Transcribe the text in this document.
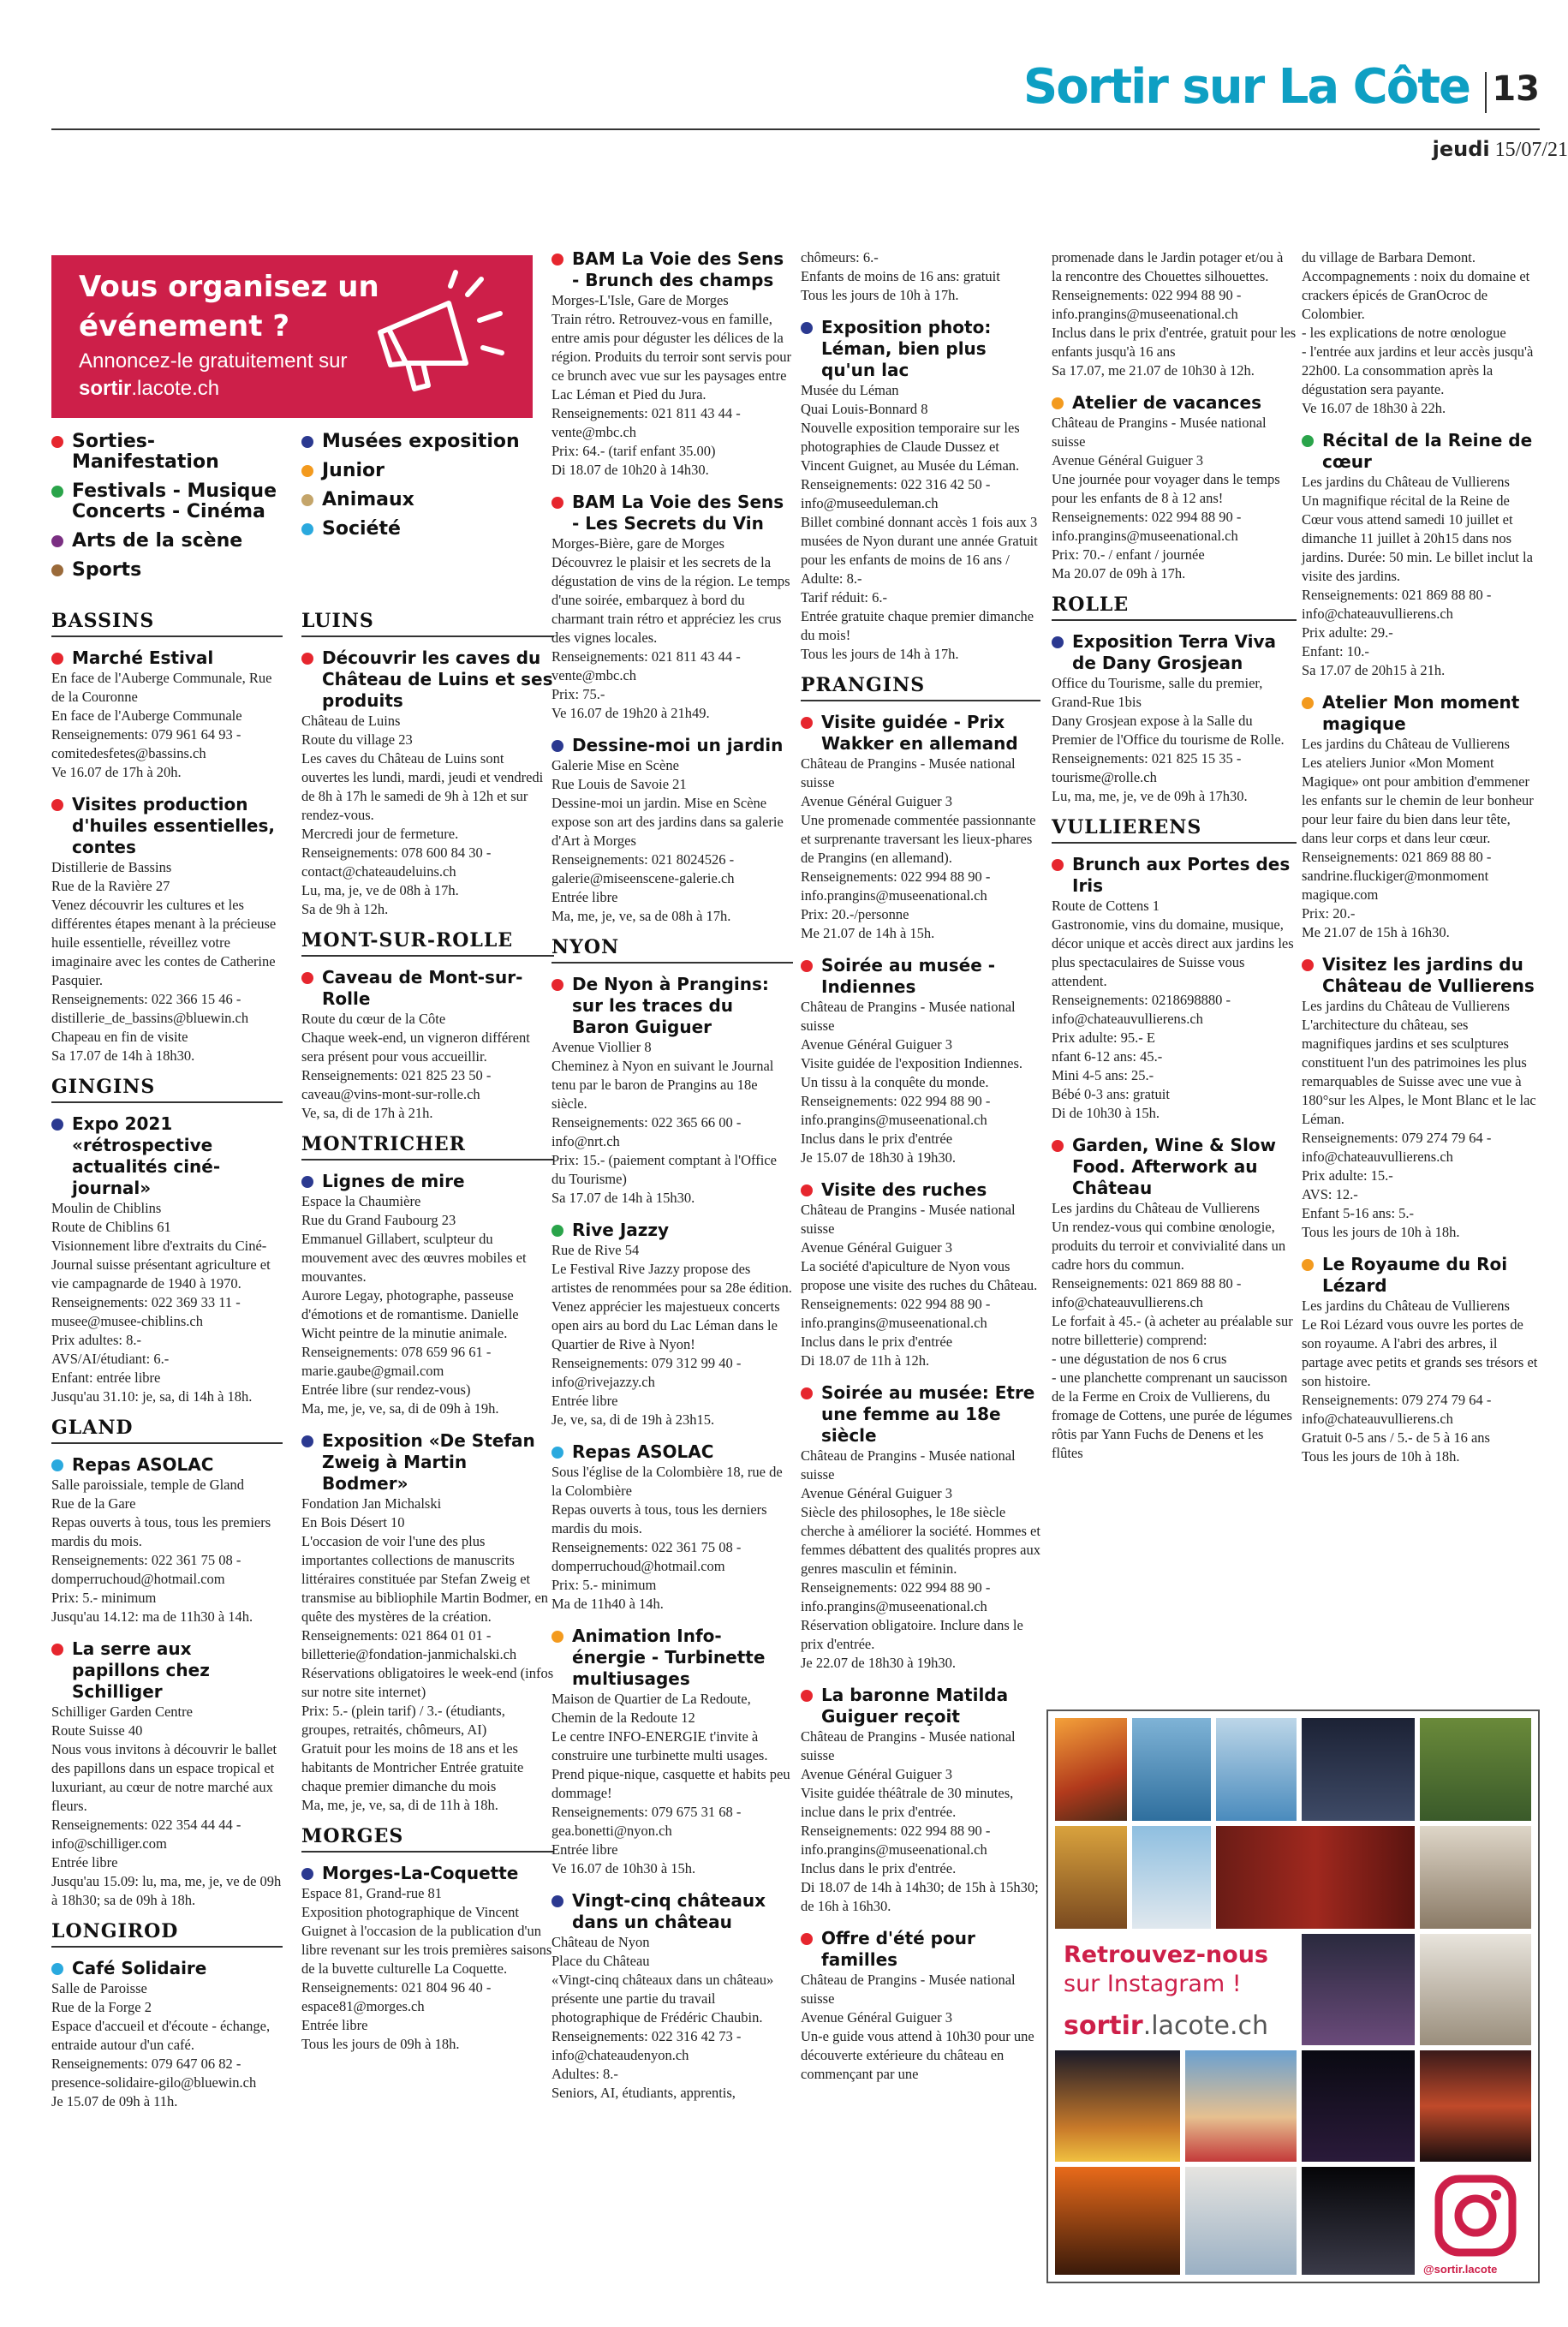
Sortir sur La Côte 13
jeudi 15/07/21
Vous organisez un événement ?
Annoncez-le gratuitement sur sortir.lacote.ch
Sorties-Manifestation
Festivals - Musique Concerts - Cinéma
Arts de la scène
Sports
Musées exposition
Junior
Animaux
Société
BASSINS
Marché Estival
En face de l'Auberge Communale, Rue de la Couronne
En face de l'Auberge Communale
Renseignements: 079 961 64 93 - comitedesfetes@bassins.ch
Ve 16.07 de 17h à 20h.
Visites production d'huiles essentielles, contes
Distillerie de Bassins
Rue de la Ravière 27
Venez découvrir les cultures et les différentes étapes menant à la précieuse huile essentielle, réveillez votre imaginaire avec les contes de Catherine Pasquier.
Renseignements: 022 366 15 46 - distillerie_de_bassins@bluewin.ch
Chapeau en fin de visite
Sa 17.07 de 14h à 18h30.
GINGINS
Expo 2021 «rétrospective actualités ciné-journal»
Moulin de Chiblins
Route de Chiblins 61
Visionnement libre d'extraits du Ciné-Journal suisse présentant agriculture et vie campagnarde de 1940 à 1970.
Renseignements: 022 369 33 11 - musee@musee-chiblins.ch
Prix adultes: 8.-
AVS/AI/étudiant: 6.-
Enfant: entrée libre
Jusqu'au 31.10: je, sa, di 14h à 18h.
GLAND
Repas ASOLAC
Salle paroissiale, temple de Gland
Rue de la Gare
Repas ouverts à tous, tous les premiers mardis du mois.
Renseignements: 022 361 75 08 - domperruchoud@hotmail.com
Prix: 5.- minimum
Jusqu'au 14.12: ma de 11h30 à 14h.
La serre aux papillons chez Schilliger
Schilliger Garden Centre
Route Suisse 40
Nous vous invitons à découvrir le ballet des papillons dans un espace tropical et luxuriant, au cœur de notre marché aux fleurs.
Renseignements: 022 354 44 44 - info@schilliger.com
Entrée libre
Jusqu'au 15.09: lu, ma, me, je, ve de 09h à 18h30; sa de 09h à 18h.
LONGIROD
Café Solidaire
Salle de Paroisse
Rue de la Forge 2
Espace d'accueil et d'écoute - échange, entraide autour d'un café.
Renseignements: 079 647 06 82 - presence-solidaire-gilo@bluewin.ch
Je 15.07 de 09h à 11h.
LUINS
Découvrir les caves du Château de Luins et ses produits
Château de Luins
Route du village 23
Les caves du Château de Luins sont ouvertes les lundi, mardi, jeudi et vendredi de 8h à 17h le samedi de 9h à 12h et sur rendez-vous.
Mercredi jour de fermeture.
Renseignements: 078 600 84 30 - contact@chateaudeluins.ch
Lu, ma, je, ve de 08h à 17h.
Sa de 9h à 12h.
MONT-SUR-ROLLE
Caveau de Mont-sur-Rolle
Route du cœur de la Côte
Chaque week-end, un vigneron différent sera présent pour vous accueillir.
Renseignements: 021 825 23 50 - caveau@vins-mont-sur-rolle.ch
Ve, sa, di de 17h à 21h.
MONTRICHER
Lignes de mire
Espace la Chaumière
Rue du Grand Faubourg 23
Emmanuel Gillabert, sculpteur du mouvement avec des œuvres mobiles et mouvantes.
Aurore Legay, photographe, passeuse d'émotions et de romantisme. Danielle Wicht peintre de la minutie animale.
Renseignements: 078 659 96 61 - marie.gaube@gmail.com
Entrée libre (sur rendez-vous)
Ma, me, je, ve, sa, di de 09h à 19h.
Exposition «De Stefan Zweig à Martin Bodmer»
Fondation Jan Michalski
En Bois Désert 10
L'occasion de voir l'une des plus importantes collections de manuscrits littéraires constituée par Stefan Zweig et transmise au bibliophile Martin Bodmer, en quête des mystères de la création.
Renseignements: 021 864 01 01 - billetterie@fondation-janmichalski.ch
Réservations obligatoires le week-end (infos sur notre site internet)
Prix: 5.- (plein tarif) / 3.- (étudiants, groupes, retraités, chômeurs, AI)
Gratuit pour les moins de 18 ans et les habitants de Montricher Entrée gratuite chaque premier dimanche du mois
Ma, me, je, ve, sa, di de 11h à 18h.
MORGES
Morges-La-Coquette
Espace 81, Grand-rue 81
Exposition photographique de Vincent Guignet à l'occasion de la publication d'un libre revenant sur les trois premières saisons de la buvette culturelle La Coquette.
Renseignements: 021 804 96 40 - espace81@morges.ch
Entrée libre
Tous les jours de 09h à 18h.
BAM La Voie des Sens - Brunch des champs
Morges-L'Isle, Gare de Morges
Train rétro. Retrouvez-vous en famille, entre amis pour déguster les délices de la région. Produits du terroir sont servis pour ce brunch avec vue sur les paysages entre Lac Léman et Pied du Jura.
Renseignements: 021 811 43 44 - vente@mbc.ch
Prix: 64.- (tarif enfant 35.00)
Di 18.07 de 10h20 à 14h30.
BAM La Voie des Sens - Les Secrets du Vin
Morges-Bière, gare de Morges
Découvrez le plaisir et les secrets de la dégustation de vins de la région. Le temps d'une soirée, embarquez à bord du charmant train rétro et appréciez les crus des vignes locales.
Renseignements: 021 811 43 44 - vente@mbc.ch
Prix: 75.-
Ve 16.07 de 19h20 à 21h49.
Dessine-moi un jardin
Galerie Mise en Scène
Rue Louis de Savoie 21
Dessine-moi un jardin. Mise en Scène expose son art des jardins dans sa galerie d'Art à Morges
Renseignements: 021 8024526 - galerie@miseenscene-galerie.ch
Entrée libre
Ma, me, je, ve, sa de 08h à 17h.
NYON
De Nyon à Prangins: sur les traces du Baron Guiguer
Avenue Viollier 8
Cheminez à Nyon en suivant le Journal tenu par le baron de Prangins au 18e siècle.
Renseignements: 022 365 66 00 - info@nrt.ch
Prix: 15.- (paiement comptant à l'Office du Tourisme)
Sa 17.07 de 14h à 15h30.
Rive Jazzy
Rue de Rive 54
Le Festival Rive Jazzy propose des artistes de renommées pour sa 28e édition. Venez apprécier les majestueux concerts open airs au bord du Lac Léman dans le Quartier de Rive à Nyon!
Renseignements: 079 312 99 40 - info@rivejazzy.ch
Entrée libre
Je, ve, sa, di de 19h à 23h15.
Repas ASOLAC
Sous l'église de la Colombière 18, rue de la Colombière
Repas ouverts à tous, tous les derniers mardis du mois.
Renseignements: 022 361 75 08 - domperruchoud@hotmail.com
Prix: 5.- minimum
Ma de 11h40 à 14h.
Animation Info-énergie - Turbinette multiusages
Maison de Quartier de La Redoute, Chemin de la Redoute 12
Le centre INFO-ENERGIE t'invite à construire une turbinette multi usages.
Prend pique-nique, casquette et habits peu dommage!
Renseignements: 079 675 31 68 - gea.bonetti@nyon.ch
Entrée libre
Ve 16.07 de 10h30 à 15h.
Vingt-cinq châteaux dans un château
Château de Nyon
Place du Château
«Vingt-cinq châteaux dans un château» présente une partie du travail photographique de Frédéric Chaubin.
Renseignements: 022 316 42 73 - info@chateaudenyon.ch
Adultes: 8.-
Seniors, AI, étudiants, apprentis,
chômeurs: 6.-
Enfants de moins de 16 ans: gratuit
Tous les jours de 10h à 17h.
Exposition photo: Léman, bien plus qu'un lac
Musée du Léman
Quai Louis-Bonnard 8
Nouvelle exposition temporaire sur les photographies de Claude Dussez et Vincent Guignet, au Musée du Léman.
Renseignements: 022 316 42 50 - info@museeduleman.ch
Billet combiné donnant accès 1 fois aux 3 musées de Nyon durant une année Gratuit pour les enfants de moins de 16 ans / Adulte: 8.-
Tarif réduit: 6.-
Entrée gratuite chaque premier dimanche du mois!
Tous les jours de 14h à 17h.
PRANGINS
Visite guidée - Prix Wakker en allemand
Château de Prangins - Musée national suisse
Avenue Général Guiguer 3
Une promenade commentée passionnante et surprenante traversant les lieux-phares de Prangins (en allemand).
Renseignements: 022 994 88 90 - info.prangins@museenational.ch
Prix: 20.-/personne
Me 21.07 de 14h à 15h.
Soirée au musée - Indiennes
Château de Prangins - Musée national suisse
Avenue Général Guiguer 3
Visite guidée de l'exposition Indiennes. Un tissu à la conquête du monde.
Renseignements: 022 994 88 90 - info.prangins@museenational.ch
Inclus dans le prix d'entrée
Je 15.07 de 18h30 à 19h30.
Visite des ruches
Château de Prangins - Musée national suisse
Avenue Général Guiguer 3
La société d'apiculture de Nyon vous propose une visite des ruches du Château.
Renseignements: 022 994 88 90 - info.prangins@museenational.ch
Inclus dans le prix d'entrée
Di 18.07 de 11h à 12h.
Soirée au musée: Etre une femme au 18e siècle
Château de Prangins - Musée national suisse
Avenue Général Guiguer 3
Siècle des philosophes, le 18e siècle cherche à améliorer la société. Hommes et femmes débattent des qualités propres aux genres masculin et féminin.
Renseignements: 022 994 88 90 - info.prangins@museenational.ch
Réservation obligatoire. Inclure dans le prix d'entrée.
Je 22.07 de 18h30 à 19h30.
La baronne Matilda Guiguer reçoit
Château de Prangins - Musée national suisse
Avenue Général Guiguer 3
Visite guidée théâtrale de 30 minutes, inclue dans le prix d'entrée.
Renseignements: 022 994 88 90 - info.prangins@museenational.ch
Inclus dans le prix d'entrée.
Di 18.07 de 14h à 14h30; de 15h à 15h30; de 16h à 16h30.
Offre d'été pour familles
Château de Prangins - Musée national suisse
Avenue Général Guiguer 3
Un-e guide vous attend à 10h30 pour une découverte extérieure du château en commençant par une
promenade dans le Jardin potager et/ou à la rencontre des Chouettes silhouettes.
Renseignements: 022 994 88 90 - info.prangins@museenational.ch
Inclus dans le prix d'entrée, gratuit pour les enfants jusqu'à 16 ans
Sa 17.07, me 21.07 de 10h30 à 12h.
Atelier de vacances
Château de Prangins - Musée national suisse
Avenue Général Guiguer 3
Une journée pour voyager dans le temps pour les enfants de 8 à 12 ans!
Renseignements: 022 994 88 90 - info.prangins@museenational.ch
Prix: 70.- / enfant / journée
Ma 20.07 de 09h à 17h.
ROLLE
Exposition Terra Viva de Dany Grosjean
Office du Tourisme, salle du premier, Grand-Rue 1bis
Dany Grosjean expose à la Salle du Premier de l'Office du tourisme de Rolle.
Renseignements: 021 825 15 35 - tourisme@rolle.ch
Lu, ma, me, je, ve de 09h à 17h30.
VULLIERENS
Brunch aux Portes des Iris
Route de Cottens 1
Gastronomie, vins du domaine, musique, décor unique et accès direct aux jardins les plus spectaculaires de Suisse vous attendent.
Renseignements: 0218698880 - info@chateauvullierens.ch
Prix adulte: 95.- E
nfant 6-12 ans: 45.-
Mini 4-5 ans: 25.-
Bébé 0-3 ans: gratuit
Di de 10h30 à 15h.
Garden, Wine & Slow Food. Afterwork au Château
Les jardins du Château de Vullierens
Un rendez-vous qui combine œnologie, produits du terroir et convivialité dans un cadre hors du commun.
Renseignements: 021 869 88 80 - info@chateauvullierens.ch
Le forfait à 45.- (à acheter au préalable sur notre billetterie) comprend:
- une dégustation de nos 6 crus
- une planchette comprenant un saucisson de la Ferme en Croix de Vullierens, du fromage de Cottens, une purée de légumes rôtis par Yann Fuchs de Denens et les flûtes
du village de Barbara Demont. Accompagnements : noix du domaine et crackers épicés de GranOcroc de Colombier.
- les explications de notre œnologue
- l'entrée aux jardins et leur accès jusqu'à 22h00. La consommation après la dégustation sera payante.
Ve 16.07 de 18h30 à 22h.
Récital de la Reine de cœur
Les jardins du Château de Vullierens
Un magnifique récital de la Reine de Cœur vous attend samedi 10 juillet et dimanche 11 juillet à 20h15 dans nos jardins. Durée: 50 min. Le billet inclut la visite des jardins.
Renseignements: 021 869 88 80 - info@chateauvullierens.ch
Prix adulte: 29.-
Enfant: 10.-
Sa 17.07 de 20h15 à 21h.
Atelier Mon moment magique
Les jardins du Château de Vullierens
Les ateliers Junior «Mon Moment Magique» ont pour ambition d'emmener les enfants sur le chemin de leur bonheur pour leur faire du bien dans leur tête, dans leur corps et dans leur cœur.
Renseignements: 021 869 88 80 - sandrine.fluckiger@monmoment magique.com
Prix: 20.-
Me 21.07 de 15h à 16h30.
Visitez les jardins du Château de Vullierens
Les jardins du Château de Vullierens
L'architecture du château, ses magnifiques jardins et ses sculptures constituent l'un des patrimoines les plus remarquables de Suisse avec une vue à 180°sur les Alpes, le Mont Blanc et le lac Léman.
Renseignements: 079 274 79 64 - info@chateauvullierens.ch
Prix adulte: 15.-
AVS: 12.-
Enfant 5-16 ans: 5.-
Tous les jours de 10h à 18h.
Le Royaume du Roi Lézard
Les jardins du Château de Vullierens
Le Roi Lézard vous ouvre les portes de son royaume. A l'abri des arbres, il partage avec petits et grands ses trésors et son histoire.
Renseignements: 079 274 79 64 - info@chateauvullierens.ch
Gratuit 0-5 ans / 5.- de 5 à 16 ans
Tous les jours de 10h à 18h.
Retrouvez-nous
sur Instagram !
sortir.lacote.ch
@sortir.lacote
